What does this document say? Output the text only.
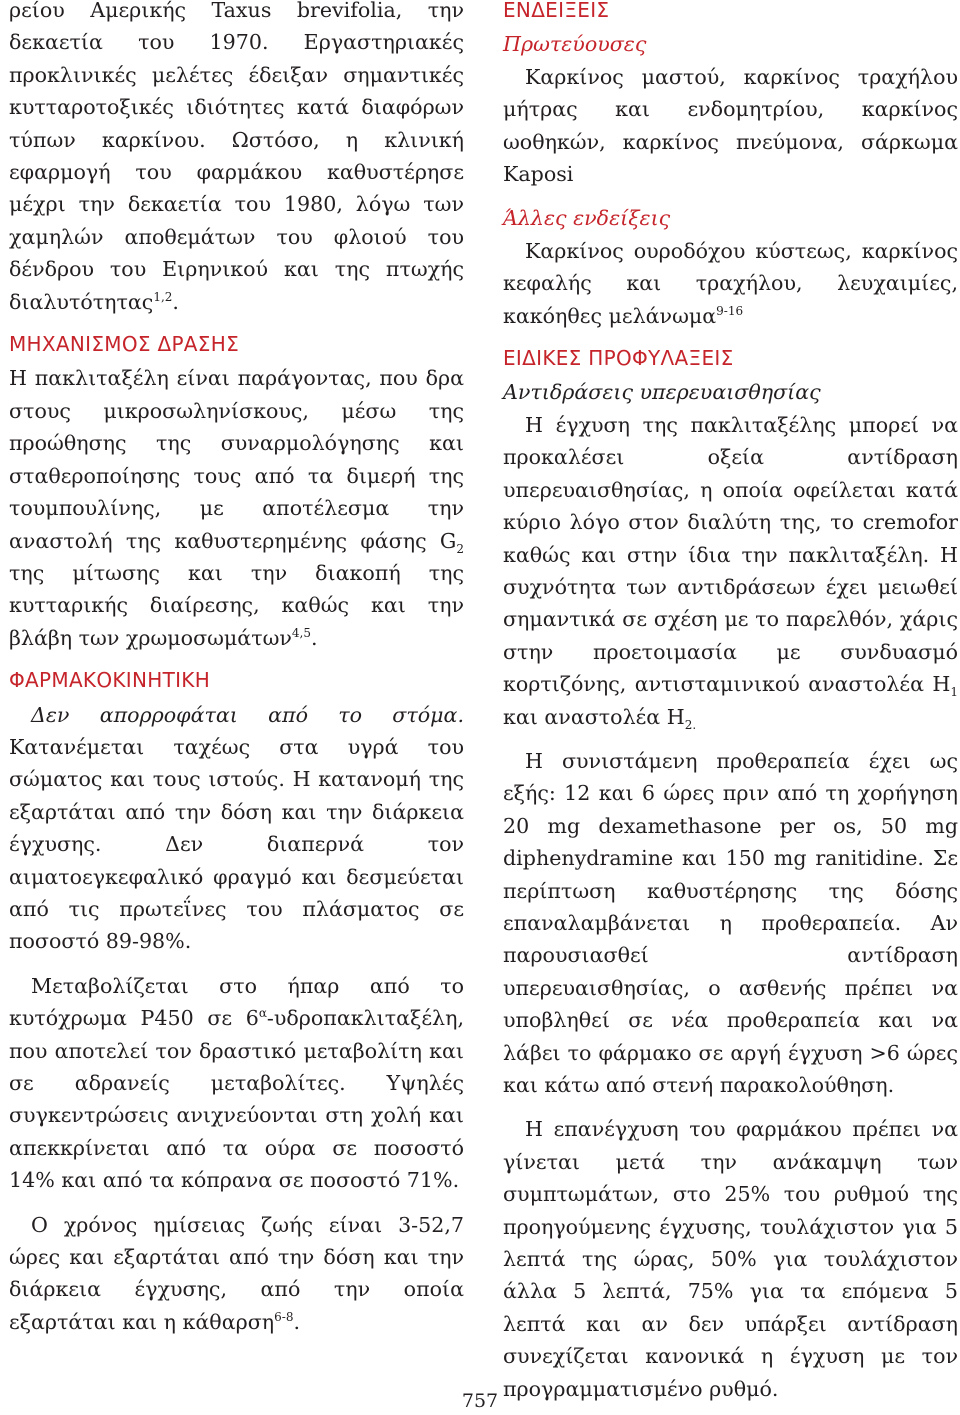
ρείου Αμερικής Taxus brevifolia, την δεκαετία του 1970. Εργαστηριακές προκλινικές μελέτες έδειξαν σημαντικές κυτταροτοξικές ιδιότητες κατά διαφόρων τύπων καρκίνου. Ωστόσο, η κλινική εφαρμογή του φαρμάκου καθυστέρησε μέχρι την δεκαετία του 1980, λόγω των χαμηλών αποθεμάτων του φλοιού του δένδρου του Ειρηνικού και της πτωχής διαλυτότητας$^{1,2}$.

ΜΗΧΑΝΙΣΜΟΣ ΔΡΑΣΗΣ

Η πακλιταξέλη είναι παράγοντας, που δρα στους μικροσωληνίσκους, μέσω της προώθησης της συναρμολόγησης και σταθεροποίησης τους από τα διμερή της τουμπουλίνης, με αποτέλεσμα την αναστολή της καθυστερημένης φάσης $G_2$ της μίτωσης και την διακοπή της κυτταρικής διαίρεσης, καθώς και την βλάβη των χρωμοσωμάτων$^{4,5}$.

ΦΑΡΜΑΚΟΚΙΝΗΤΙΚΗ

Δεν απορροφάται από το στόμα. Κατανέμεται ταχέως στα υγρά του σώματος και τους ιστούς. Η κατανομή της εξαρτάται από την δόση και την διάρκεια έγχυσης. Δεν διαπερνά τον αιματοεγκεφαλικό φραγμό και δεσμεύεται από τις πρωτεΐνες του πλάσματος σε ποσοστό 89-98%.

Μεταβολίζεται στο ήπαρ από το κυτόχρωμα P450 σε $6^\alpha$-υδροπακλιταξέλη, που αποτελεί τον δραστικό μεταβολίτη και σε αδρανείς μεταβολίτες. Υψηλές συγκεντρώσεις ανιχνεύονται στη χολή και απεκκρίνεται από τα ούρα σε ποσοστό 14% και από τα κόπρανα σε ποσοστό 71%.

Ο χρόνος ημίσειας ζωής είναι 3-52,7 ώρες και εξαρτάται από την δόση και την διάρκεια έγχυσης, από την οποία εξαρτάται και η κάθαρση$^{6-8}$.

ΕΝΔΕΙΞΕΙΣ

Πρωτεύουσες

Καρκίνος μαστού, καρκίνος τραχήλου μήτρας και ενδομητρίου, καρκίνος ωοθηκών, καρκίνος πνεύμονα, σάρκωμα Kaposi

Άλλες ενδείξεις

Καρκίνος ουροδόχου κύστεως, καρκίνος κεφαλής και τραχήλου, λευχαιμίες, κακόηθες μελάνωμα$^{9-16}$

ΕΙΔΙΚΕΣ ΠΡΟΦΥΛΑΞΕΙΣ

Αντιδράσεις υπερευαισθησίας

Η έγχυση της πακλιταξέλης μπορεί να προκαλέσει οξεία αντίδραση υπερευαισθησίας, η οποία οφείλεται κατά κύριο λόγο στον διαλύτη της, το cremofor καθώς και στην ίδια την πακλιταξέλη. Η συχνότητα των αντιδράσεων έχει μειωθεί σημαντικά σε σχέση με το παρελθόν, χάρις στην προετοιμασία με συνδυασμό κορτιζόνης, αντισταμινικού αναστολέα $H_1$ και αναστολέα $H_{2.}$

Η συνιστάμενη προθεραπεία έχει ως εξής: 12 και 6 ώρες πριν από τη χορήγηση 20 mg dexamethasone per os, 50 mg diphenydramine και 150 mg ranitidine. Σε περίπτωση καθυστέρησης της δόσης επαναλαμβάνεται η προθεραπεία. Αν παρουσιασθεί αντίδραση υπερευαισθησίας, ο ασθενής πρέπει να υποβληθεί σε νέα προθεραπεία και να λάβει το φάρμακο σε αργή έγχυση >6 ώρες και κάτω από στενή παρακολούθηση.

Η επανέγχυση του φαρμάκου πρέπει να γίνεται μετά την ανάκαμψη των συμπτωμάτων, στο 25% του ρυθμού της προηγούμενης έγχυσης, τουλάχιστον για 5 λεπτά της ώρας, 50% για τουλάχιστον άλλα 5 λεπτά, 75% για τα επόμενα 5 λεπτά και αν δεν υπάρξει αντίδραση συνεχίζεται κανονικά η έγχυση με τον προγραμματισμένο ρυθμό.

757
